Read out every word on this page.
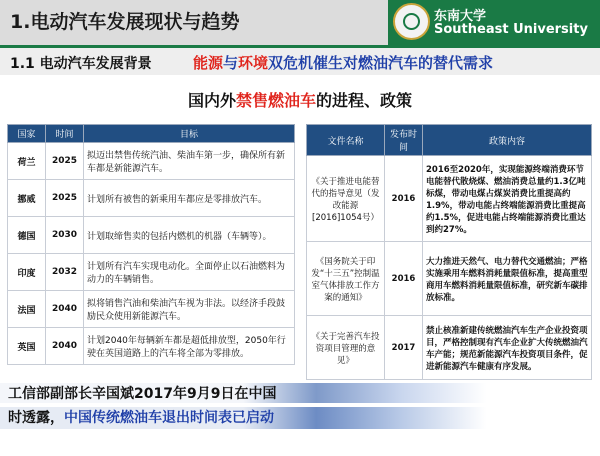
1.电动汽车发展现状与趋势	东南大学
Southeast University
1.1 电动汽车发展背景	能源与环境双危机催生对燃油汽车的替代需求
国内外禁售燃油车的进程、政策
国家	时间	目标
荷兰	2025	拟迈出禁售传统汽油、柴油车第一步，确保所有新车都是新能源汽车。
挪威	2025	计划所有被售的新乘用车都应是零排放汽车。
德国	2030	计划取缔售卖的包括内燃机的机器（车辆等）。
印度	2032	计划所有汽车实现电动化。全面停止以石油燃料为动力的车辆销售。
法国	2040	拟将销售汽油和柴油汽车视为非法。以经济手段鼓励民众使用新能源汽车。
英国	2040	计划2040年每辆新车都是超低排放型，2050年行驶在英国道路上的汽车将全部为零排放。
文件名称	发布时间	政策内容
《关于推进电能替代的指导意见（发改能源[2016]1054号）	2016	2016至2020年，实现能源终端消费环节电能替代散烧煤、燃油消费总量约1.3亿吨标煤，带动电煤占煤炭消费比重提高约1.9%，带动电能占终端能源消费比重提高约1.5%，促进电能占终端能源消费比重达到约27%。
《国务院关于印发“十三五”控制温室气体排放工作方案的通知》	2016	大力推进天然气、电力替代交通燃油；严格实施乘用车燃料消耗量限值标准，提高重型商用车燃料消耗量限值标准，研究新车碳排放标准。
《关于完善汽车投资项目管理的意见》	2017	禁止核准新建传统燃油汽车生产企业投资项目，严格控制现有汽车企业扩大传统燃油汽车产能；规范新能源汽车投资项目条件，促进新能源汽车健康有序发展。
工信部副部长辛国斌2017年9月9日在中国
时透露，中国传统燃油车退出时间表已启动
